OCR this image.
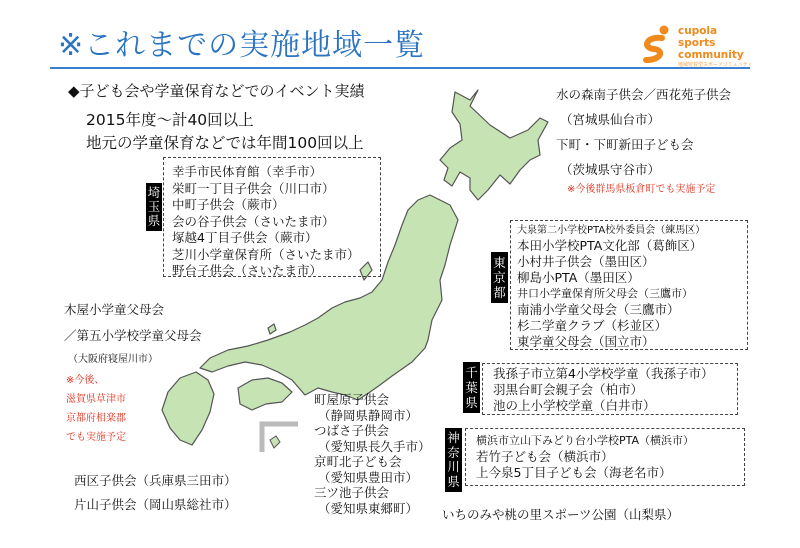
※これまでの実施地域一覧	cupola
sports
community
地域密着型スポーツコミュニティ
◆子ども会や学童保育などでのイベント実績
2015年度～計40回以上
地元の学童保育などでは年間100回以上
水の森南子供会／西花苑子供会
（宮城県仙台市）
下町・下町新田子ども会
（茨城県守谷市）
※今後群馬県板倉町でも実施予定
埼玉県
幸手市民体育館（幸手市）
栄町一丁目子供会（川口市）
中町子供会（蕨市）
会の谷子供会（さいたま市）
塚越4丁目子供会（蕨市）
芝川小学童保育所（さいたま市）
野台子供会（さいたま市）
東京都
大泉第二小学校PTA校外委員会（練馬区）
本田小学校PTA文化部（葛飾区）
小村井子供会（墨田区）
柳島小PTA（墨田区）
井口小学童保育所父母会（三鷹市）
南浦小学童父母会（三鷹市）
杉二学童クラブ（杉並区）
東学童父母会（国立市）
千葉県
我孫子市立第4小学校学童（我孫子市）
羽黒台町会親子会（柏市）
池の上小学校学童（白井市）
神奈川県
横浜市立山下みどり台小学校PTA（横浜市）
若竹子ども会（横浜市）
上今泉5丁目子ども会（海老名市）
いちのみや桃の里スポーツ公園（山梨県）
木屋小学童父母会
／第五小学校学童父母会
（大阪府寝屋川市）
※今後、
滋賀県草津市
京都府相楽郡
でも実施予定
町屋原子供会
（静岡県静岡市）
つばさ子供会
（愛知県長久手市）
京町北子ども会
（愛知県豊田市）
三ツ池子供会
（愛知県東郷町）
西区子供会（兵庫県三田市）
片山子供会（岡山県総社市）
